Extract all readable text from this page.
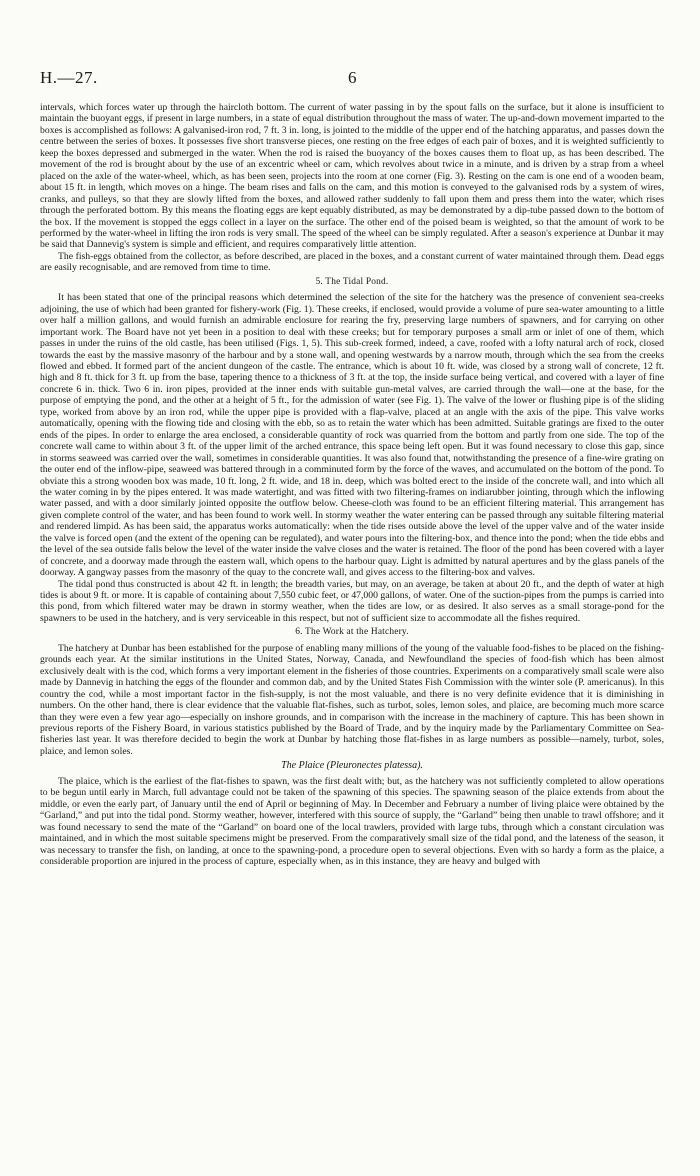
H.—27.	6

intervals, which forces water up through the haircloth bottom. The current of water passing in by the spout falls on the surface, but it alone is insufficient to maintain the buoyant eggs, if present in large numbers, in a state of equal distribution throughout the mass of water. The up-and-down movement imparted to the boxes is accomplished as follows: A galvanised-iron rod, 7 ft. 3 in. long, is jointed to the middle of the upper end of the hatching apparatus, and passes down the centre between the series of boxes. It possesses five short transverse pieces, one resting on the free edges of each pair of boxes, and it is weighted sufficiently to keep the boxes depressed and submerged in the water. When the rod is raised the buoyancy of the boxes causes them to float up, as has been described. The movement of the rod is brought about by the use of an excentric wheel or cam, which revolves about twice in a minute, and is driven by a strap from a wheel placed on the axle of the water-wheel, which, as has been seen, projects into the room at one corner (Fig. 3). Resting on the cam is one end of a wooden beam, about 15 ft. in length, which moves on a hinge. The beam rises and falls on the cam, and this motion is conveyed to the galvanised rods by a system of wires, cranks, and pulleys, so that they are slowly lifted from the boxes, and allowed rather suddenly to fall upon them and press them into the water, which rises through the perforated bottom. By this means the floating eggs are kept equably distributed, as may be demonstrated by a dip-tube passed down to the bottom of the box. If the movement is stopped the eggs collect in a layer on the surface. The other end of the poised beam is weighted, so that the amount of work to be performed by the water-wheel in lifting the iron rods is very small. The speed of the wheel can be simply regulated. After a season's experience at Dunbar it may be said that Dannevig's system is simple and efficient, and requires comparatively little attention.

The fish-eggs obtained from the collector, as before described, are placed in the boxes, and a constant current of water maintained through them. Dead eggs are easily recognisable, and are removed from time to time.

5. The Tidal Pond.

It has been stated that one of the principal reasons which determined the selection of the site for the hatchery was the presence of convenient sea-creeks adjoining, the use of which had been granted for fishery-work (Fig. 1). These creeks, if enclosed, would provide a volume of pure sea-water amounting to a little over half a million gallons, and would furnish an admirable enclosure for rearing the fry, preserving large numbers of spawners, and for carrying on other important work. The Board have not yet been in a position to deal with these creeks; but for temporary purposes a small arm or inlet of one of them, which passes in under the ruins of the old castle, has been utilised (Figs. 1, 5). This sub-creek formed, indeed, a cave, roofed with a lofty natural arch of rock, closed towards the east by the massive masonry of the harbour and by a stone wall, and opening westwards by a narrow mouth, through which the sea from the creeks flowed and ebbed. It formed part of the ancient dungeon of the castle. The entrance, which is about 10 ft. wide, was closed by a strong wall of concrete, 12 ft. high and 8 ft. thick for 3 ft. up from the base, tapering thence to a thickness of 3 ft. at the top, the inside surface being vertical, and covered with a layer of fine concrete 6 in. thick. Two 6 in. iron pipes, provided at the inner ends with suitable gun-metal valves, are carried through the wall—one at the base, for the purpose of emptying the pond, and the other at a height of 5 ft., for the admission of water (see Fig. 1). The valve of the lower or flushing pipe is of the sliding type, worked from above by an iron rod, while the upper pipe is provided with a flap-valve, placed at an angle with the axis of the pipe. This valve works automatically, opening with the flowing tide and closing with the ebb, so as to retain the water which has been admitted. Suitable gratings are fixed to the outer ends of the pipes. In order to enlarge the area enclosed, a considerable quantity of rock was quarried from the bottom and partly from one side. The top of the concrete wall came to within about 3 ft. of the upper limit of the arched entrance, this space being left open. But it was found necessary to close this gap, since in storms seaweed was carried over the wall, sometimes in considerable quantities. It was also found that, notwithstanding the presence of a fine-wire grating on the outer end of the inflow-pipe, seaweed was battered through in a comminuted form by the force of the waves, and accumulated on the bottom of the pond. To obviate this a strong wooden box was made, 10 ft. long, 2 ft. wide, and 18 in. deep, which was bolted erect to the inside of the concrete wall, and into which all the water coming in by the pipes entered. It was made watertight, and was fitted with two filtering-frames on indiarubber jointing, through which the inflowing water passed, and with a door similarly jointed opposite the outflow below. Cheese-cloth was found to be an efficient filtering material. This arrangement has given complete control of the water, and has been found to work well. In stormy weather the water entering can be passed through any suitable filtering material and rendered limpid. As has been said, the apparatus works automatically: when the tide rises outside above the level of the upper valve and of the water inside the valve is forced open (and the extent of the opening can be regulated), and water pours into the filtering-box, and thence into the pond; when the tide ebbs and the level of the sea outside falls below the level of the water inside the valve closes and the water is retained. The floor of the pond has been covered with a layer of concrete, and a doorway made through the eastern wall, which opens to the harbour quay. Light is admitted by natural apertures and by the glass panels of the doorway. A gangway passes from the masonry of the quay to the concrete wall, and gives access to the filtering-box and valves.

The tidal pond thus constructed is about 42 ft. in length; the breadth varies, but may, on an average, be taken at about 20 ft., and the depth of water at high tides is about 9 ft. or more. It is capable of containing about 7,550 cubic feet, or 47,000 gallons, of water. One of the suction-pipes from the pumps is carried into this pond, from which filtered water may be drawn in stormy weather, when the tides are low, or as desired. It also serves as a small storage-pond for the spawners to be used in the hatchery, and is very serviceable in this respect, but not of sufficient size to accommodate all the fishes required.

6. The Work at the Hatchery.

The hatchery at Dunbar has been established for the purpose of enabling many millions of the young of the valuable food-fishes to be placed on the fishing-grounds each year. At the similar institutions in the United States, Norway, Canada, and Newfoundland the species of food-fish which has been almost exclusively dealt with is the cod, which forms a very important element in the fisheries of those countries. Experiments on a comparatively small scale were also made by Dannevig in hatching the eggs of the flounder and common dab, and by the United States Fish Commission with the winter sole (P. americanus). In this country the cod, while a most important factor in the fish-supply, is not the most valuable, and there is no very definite evidence that it is diminishing in numbers. On the other hand, there is clear evidence that the valuable flat-fishes, such as turbot, soles, lemon soles, and plaice, are becoming much more scarce than they were even a few year ago—especially on inshore grounds, and in comparison with the increase in the machinery of capture. This has been shown in previous reports of the Fishery Board, in various statistics published by the Board of Trade, and by the inquiry made by the Parliamentary Committee on Sea-fisheries last year. It was therefore decided to begin the work at Dunbar by hatching those flat-fishes in as large numbers as possible—namely, turbot, soles, plaice, and lemon soles.

The Plaice (Pleuronectes platessa).

The plaice, which is the earliest of the flat-fishes to spawn, was the first dealt with; but, as the hatchery was not sufficiently completed to allow operations to be begun until early in March, full advantage could not be taken of the spawning of this species. The spawning season of the plaice extends from about the middle, or even the early part, of January until the end of April or beginning of May. In December and February a number of living plaice were obtained by the “Garland,” and put into the tidal pond. Stormy weather, however, interfered with this source of supply, the “Garland” being then unable to trawl offshore; and it was found necessary to send the mate of the “Garland” on board one of the local trawlers, provided with large tubs, through which a constant circulation was maintained, and in which the most suitable specimens might be preserved. From the comparatively small size of the tidal pond, and the lateness of the season, it was necessary to transfer the fish, on landing, at once to the spawning-pond, a procedure open to several objections. Even with so hardy a form as the plaice, a considerable proportion are injured in the process of capture, especially when, as in this instance, they are heavy and bulged with
